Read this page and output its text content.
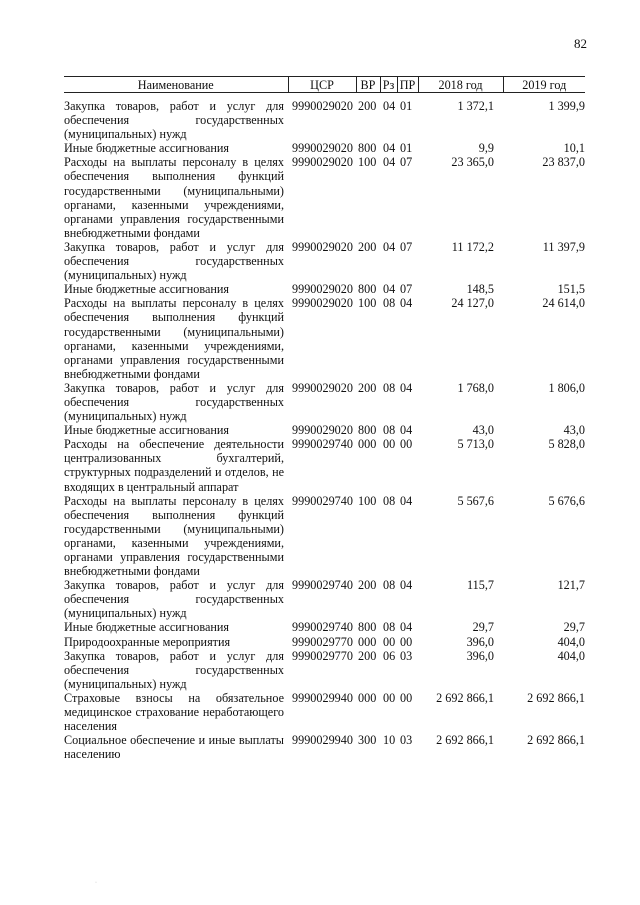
82
Наименование	ЦСР	ВР	Рз	ПР	2018 год	2019 год
Закупка товаров, работ и услуг для обеспечения государственных (муниципальных) нужд	9990029020	200	04	01	1 372,1	1 399,9
Иные бюджетные ассигнования	9990029020	800	04	01	9,9	10,1
Расходы на выплаты персоналу в целях обеспечения выполнения функций государственными (муниципальными) органами, казенными учреждениями, органами управления государственными внебюджетными фондами	9990029020	100	04	07	23 365,0	23 837,0
Закупка товаров, работ и услуг для обеспечения государственных (муниципальных) нужд	9990029020	200	04	07	11 172,2	11 397,9
Иные бюджетные ассигнования	9990029020	800	04	07	148,5	151,5
Расходы на выплаты персоналу в целях обеспечения выполнения функций государственными (муниципальными) органами, казенными учреждениями, органами управления государственными внебюджетными фондами	9990029020	100	08	04	24 127,0	24 614,0
Закупка товаров, работ и услуг для обеспечения государственных (муниципальных) нужд	9990029020	200	08	04	1 768,0	1 806,0
Иные бюджетные ассигнования	9990029020	800	08	04	43,0	43,0
Расходы на обеспечение деятельности централизованных бухгалтерий, структурных подразделений и отделов, не входящих в центральный аппарат	9990029740	000	00	00	5 713,0	5 828,0
Расходы на выплаты персоналу в целях обеспечения выполнения функций государственными (муниципальными) органами, казенными учреждениями, органами управления государственными внебюджетными фондами	9990029740	100	08	04	5 567,6	5 676,6
Закупка товаров, работ и услуг для обеспечения государственных (муниципальных) нужд	9990029740	200	08	04	115,7	121,7
Иные бюджетные ассигнования	9990029740	800	08	04	29,7	29,7
Природоохранные мероприятия	9990029770	000	00	00	396,0	404,0
Закупка товаров, работ и услуг для обеспечения государственных (муниципальных) нужд	9990029770	200	06	03	396,0	404,0
Страховые взносы на обязательное медицинское страхование неработающего населения	9990029940	000	00	00	2 692 866,1	2 692 866,1
Социальное обеспечение и иные выплаты населению	9990029940	300	10	03	2 692 866,1	2 692 866,1
·
